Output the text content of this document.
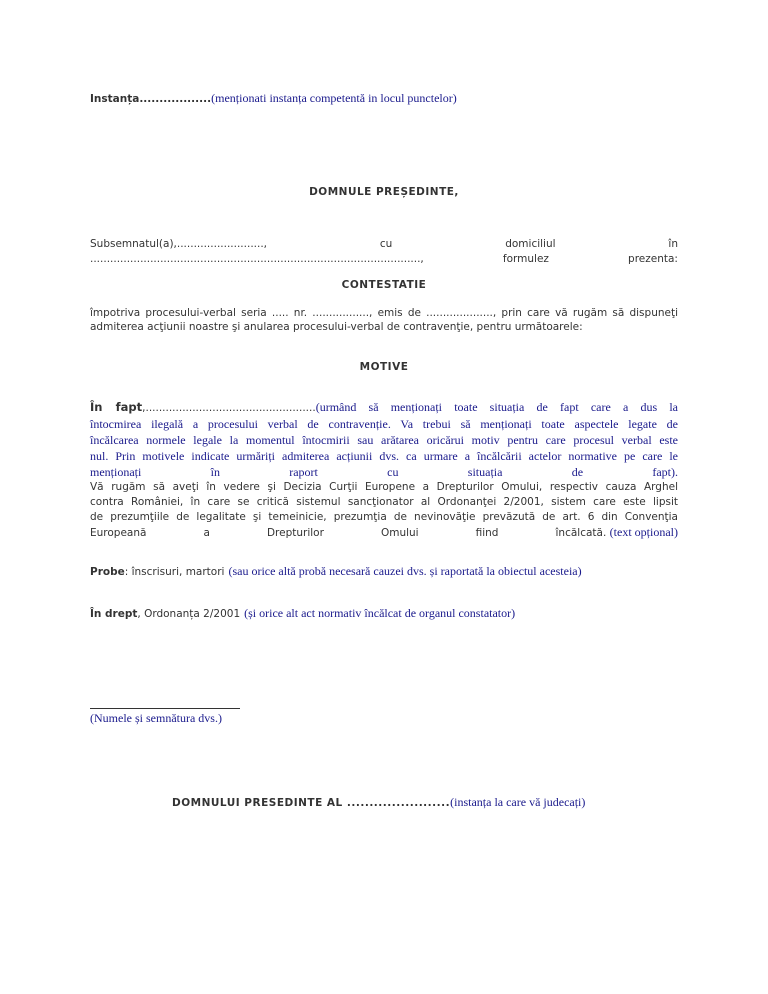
Instanța..................(menționati instanța competentă in locul punctelor)
DOMNULE PREȘEDINTE,
Subsemnatul(a),..........................,	cu	domiciliul	în
...................................................................................................,	formulez	prezenta:
CONTESTATIE
împotriva procesului-verbal seria ..... nr. ................., emis de ...................., prin care vă rugăm să dispuneţi admiterea acţiunii noastre şi anularea procesului-verbal de contravenţie, pentru următoarele:
MOTIVE
În fapt,...................................................(urmând să menționați toate situația de fapt care a dus la
întocmirea ilegală a procesului verbal de contravenție. Va trebui să menționați toate aspectele legate de
încălcarea normele legale la momentul întocmirii sau arătarea oricărui motiv pentru care procesul verbal este
nul. Prin motivele indicate urmăriți admiterea acțiunii dvs. ca urmare a încălcării actelor normative pe care le
menționați	în	raport	cu	situația	de	fapt).
Vă rugăm să aveţi în vedere şi Decizia Curţii Europene a Drepturilor Omului, respectiv cauza Arghel
contra României, în care se critică sistemul sancţionator al Ordonanţei 2/2001, sistem care este lipsit
de prezumţiile de legalitate şi temeinicie, prezumţia de nevinovăţie prevăzută de art. 6 din Convenţia
Europeană	a	Drepturilor	Omului	fiind	încălcată. (text opțional)
Probe: înscrisuri, martori (sau orice altă probă necesară cauzei dvs. și raportată la obiectul acesteia)
În drept, Ordonanța 2/2001 (și orice alt act normativ încălcat de organul constatator)
(Numele și semnătura dvs.)
DOMNULUI PRESEDINTE AL .......................(instanța la care vă judecați)
